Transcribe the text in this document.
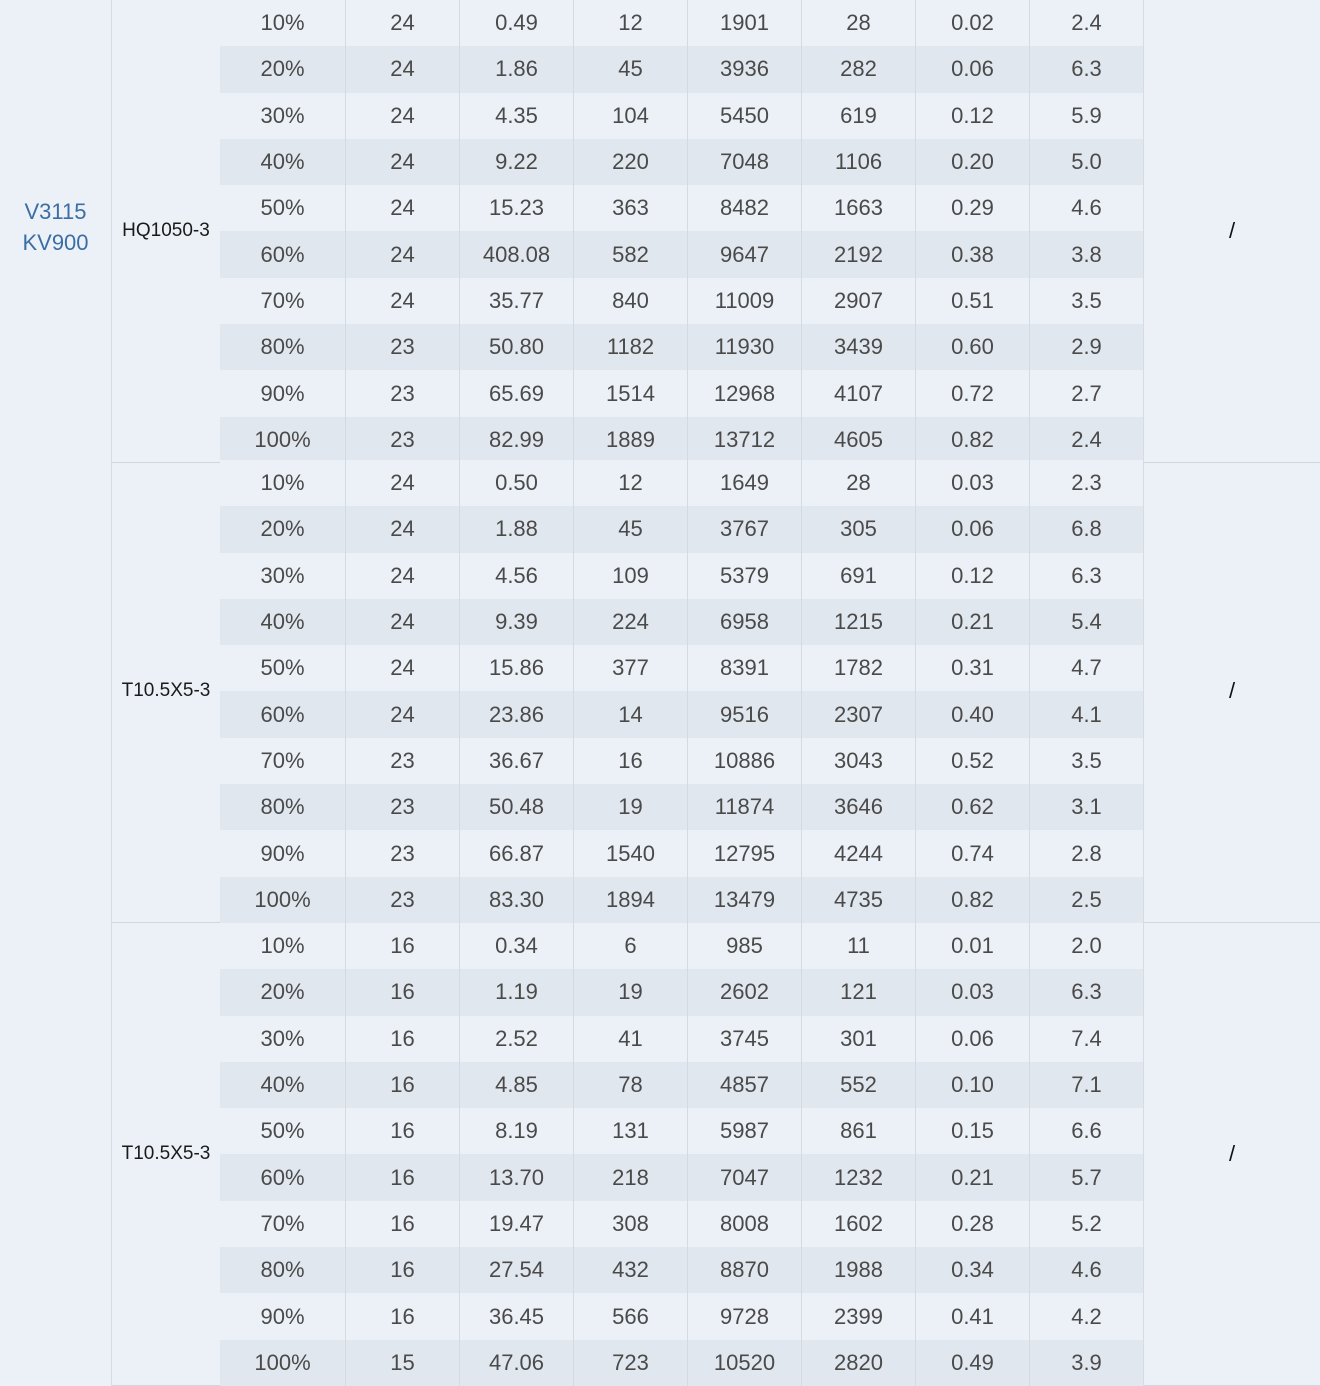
V3115
KV900	HQ1050-3
10%	24	0.49	12	1901	28	0.02	2.4
20%	24	1.86	45	3936	282	0.06	6.3
30%	24	4.35	104	5450	619	0.12	5.9
40%	24	9.22	220	7048	1106	0.20	5.0
50%	24	15.23	363	8482	1663	0.29	4.6
60%	24	408.08	582	9647	2192	0.38	3.8
70%	24	35.77	840	11009	2907	0.51	3.5
80%	23	50.80	1182	11930	3439	0.60	2.9
90%	23	65.69	1514	12968	4107	0.72	2.7
100%	23	82.99	1889	13712	4605	0.82	2.4
/
T10.5X5-3
10%	24	0.50	12	1649	28	0.03	2.3
20%	24	1.88	45	3767	305	0.06	6.8
30%	24	4.56	109	5379	691	0.12	6.3
40%	24	9.39	224	6958	1215	0.21	5.4
50%	24	15.86	377	8391	1782	0.31	4.7
60%	24	23.86	14	9516	2307	0.40	4.1
70%	23	36.67	16	10886	3043	0.52	3.5
80%	23	50.48	19	11874	3646	0.62	3.1
90%	23	66.87	1540	12795	4244	0.74	2.8
100%	23	83.30	1894	13479	4735	0.82	2.5
/
T10.5X5-3
10%	16	0.34	6	985	11	0.01	2.0
20%	16	1.19	19	2602	121	0.03	6.3
30%	16	2.52	41	3745	301	0.06	7.4
40%	16	4.85	78	4857	552	0.10	7.1
50%	16	8.19	131	5987	861	0.15	6.6
60%	16	13.70	218	7047	1232	0.21	5.7
70%	16	19.47	308	8008	1602	0.28	5.2
80%	16	27.54	432	8870	1988	0.34	4.6
90%	16	36.45	566	9728	2399	0.41	4.2
100%	15	47.06	723	10520	2820	0.49	3.9
/
